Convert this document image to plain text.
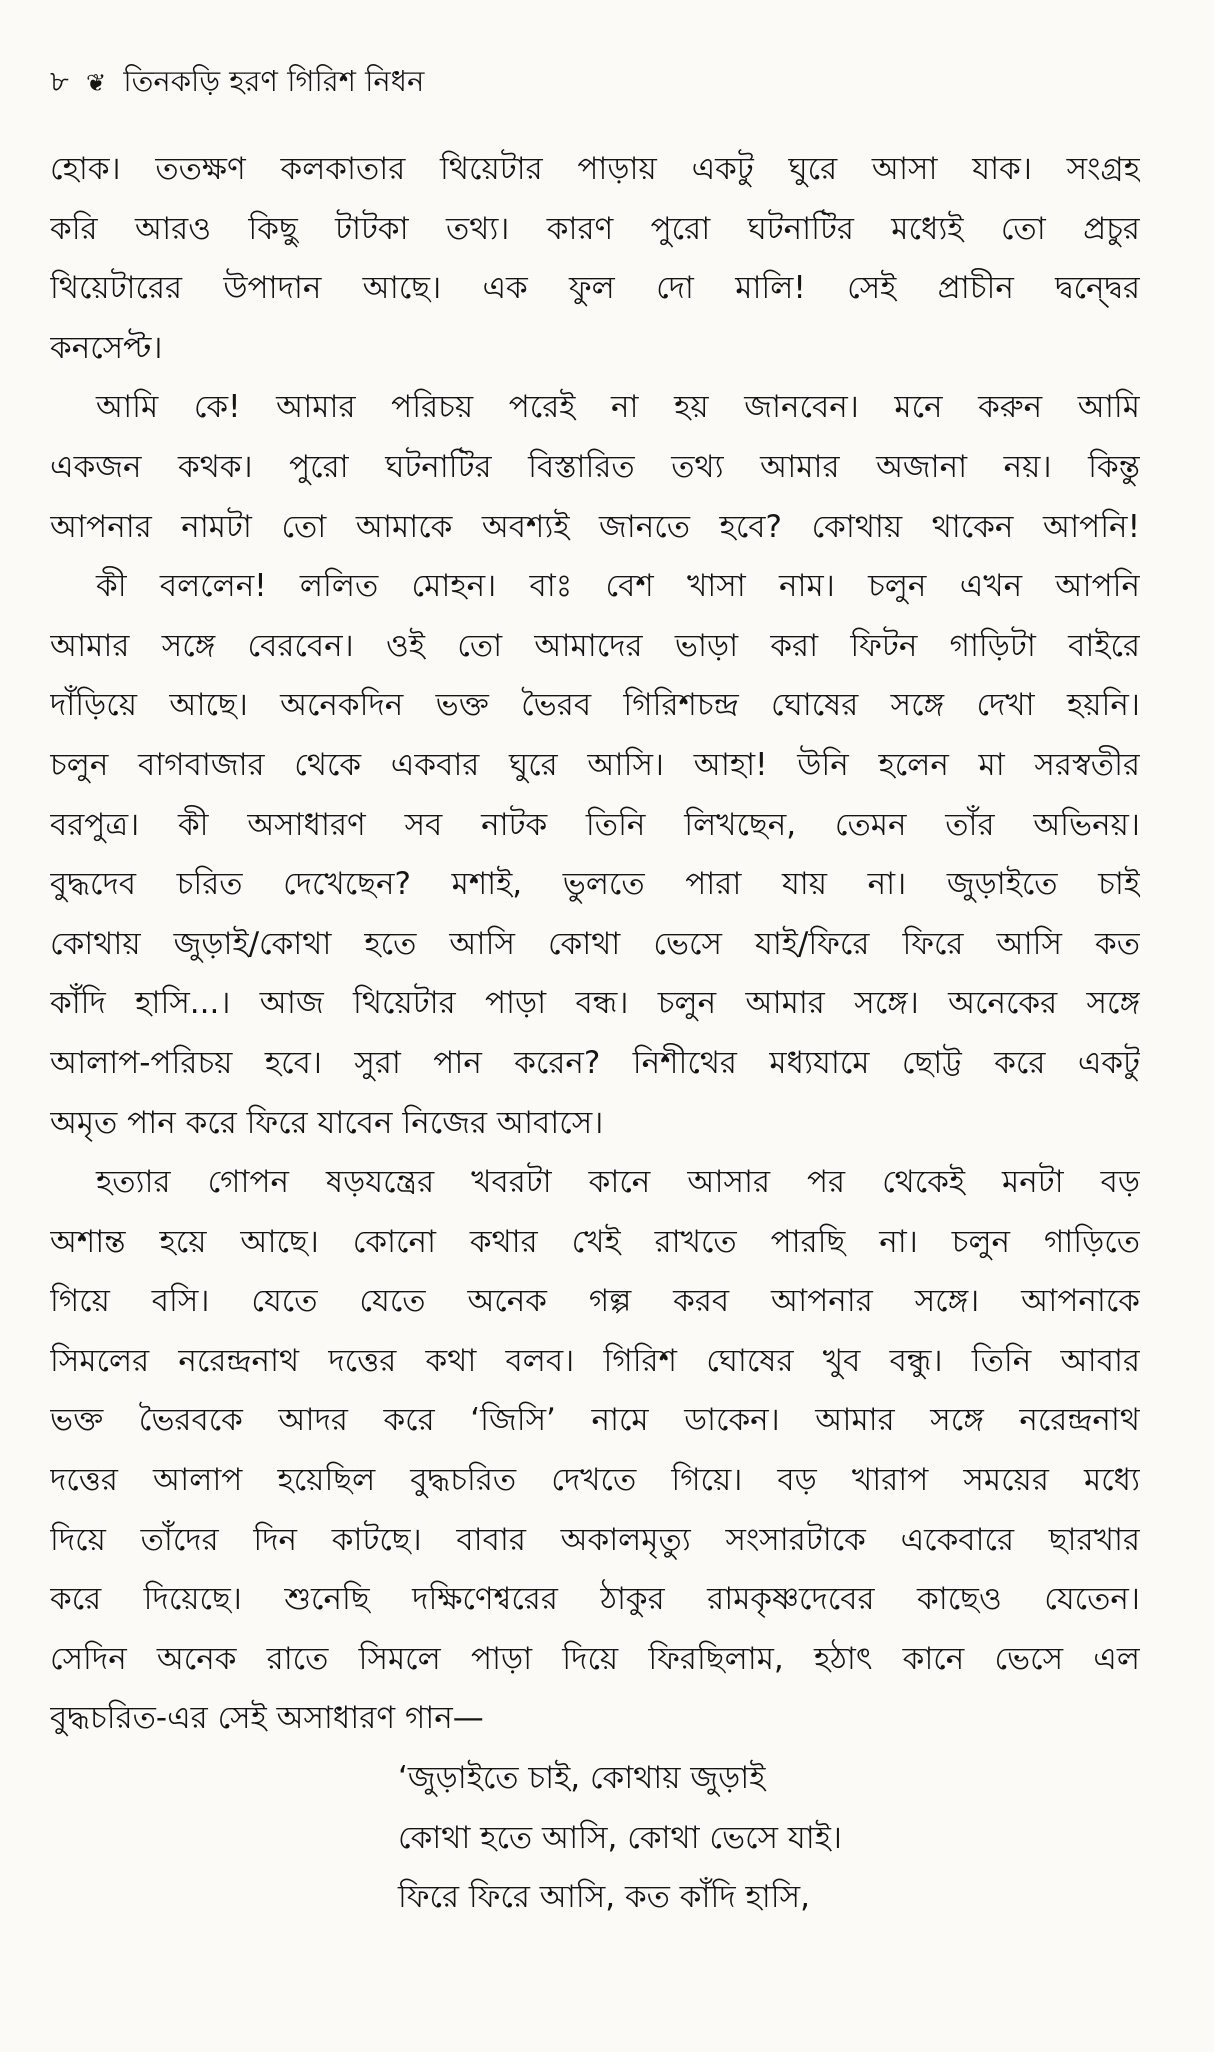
৮ ❦ তিনকড়ি হরণ গিরিশ নিধন
হোক। ততক্ষণ কলকাতার থিয়েটার পাড়ায় একটু ঘুরে আসা যাক। সংগ্রহ
করি আরও কিছু টাটকা তথ্য। কারণ পুরো ঘটনাটির মধ্যেই তো প্রচুর
থিয়েটারের উপাদান আছে। এক ফুল দো মালি! সেই প্রাচীন দ্বন্দ্বের
কনসেপ্ট।
আমি কে! আমার পরিচয় পরেই না হয় জানবেন। মনে করুন আমি
একজন কথক। পুরো ঘটনাটির বিস্তারিত তথ্য আমার অজানা নয়। কিন্তু
আপনার নামটা তো আমাকে অবশ্যই জানতে হবে? কোথায় থাকেন আপনি!
কী বললেন! ললিত মোহন। বাঃ বেশ খাসা নাম। চলুন এখন আপনি
আমার সঙ্গে বেরবেন। ওই তো আমাদের ভাড়া করা ফিটন গাড়িটা বাইরে
দাঁড়িয়ে আছে। অনেকদিন ভক্ত ভৈরব গিরিশচন্দ্র ঘোষের সঙ্গে দেখা হয়নি।
চলুন বাগবাজার থেকে একবার ঘুরে আসি। আহা! উনি হলেন মা সরস্বতীর
বরপুত্র। কী অসাধারণ সব নাটক তিনি লিখছেন, তেমন তাঁর অভিনয়।
বুদ্ধদেব চরিত দেখেছেন? মশাই, ভুলতে পারা যায় না। জুড়াইতে চাই
কোথায় জুড়াই/কোথা হতে আসি কোথা ভেসে যাই/ফিরে ফিরে আসি কত
কাঁদি হাসি...। আজ থিয়েটার পাড়া বন্ধ। চলুন আমার সঙ্গে। অনেকের সঙ্গে
আলাপ-পরিচয় হবে। সুরা পান করেন? নিশীথের মধ্যযামে ছোট্ট করে একটু
অমৃত পান করে ফিরে যাবেন নিজের আবাসে।
হত্যার গোপন ষড়যন্ত্রের খবরটা কানে আসার পর থেকেই মনটা বড়
অশান্ত হয়ে আছে। কোনো কথার খেই রাখতে পারছি না। চলুন গাড়িতে
গিয়ে বসি। যেতে যেতে অনেক গল্প করব আপনার সঙ্গে। আপনাকে
সিমলের নরেন্দ্রনাথ দত্তের কথা বলব। গিরিশ ঘোষের খুব বন্ধু। তিনি আবার
ভক্ত ভৈরবকে আদর করে ‘জিসি’ নামে ডাকেন। আমার সঙ্গে নরেন্দ্রনাথ
দত্তের আলাপ হয়েছিল বুদ্ধচরিত দেখতে গিয়ে। বড় খারাপ সময়ের মধ্যে
দিয়ে তাঁদের দিন কাটছে। বাবার অকালমৃত্যু সংসারটাকে একেবারে ছারখার
করে দিয়েছে। শুনেছি দক্ষিণেশ্বরের ঠাকুর রামকৃষ্ণদেবের কাছেও যেতেন।
সেদিন অনেক রাতে সিমলে পাড়া দিয়ে ফিরছিলাম, হঠাৎ কানে ভেসে এল
বুদ্ধচরিত-এর সেই অসাধারণ গান—
‘জুড়াইতে চাই, কোথায় জুড়াই
কোথা হতে আসি, কোথা ভেসে যাই।
ফিরে ফিরে আসি, কত কাঁদি হাসি,
